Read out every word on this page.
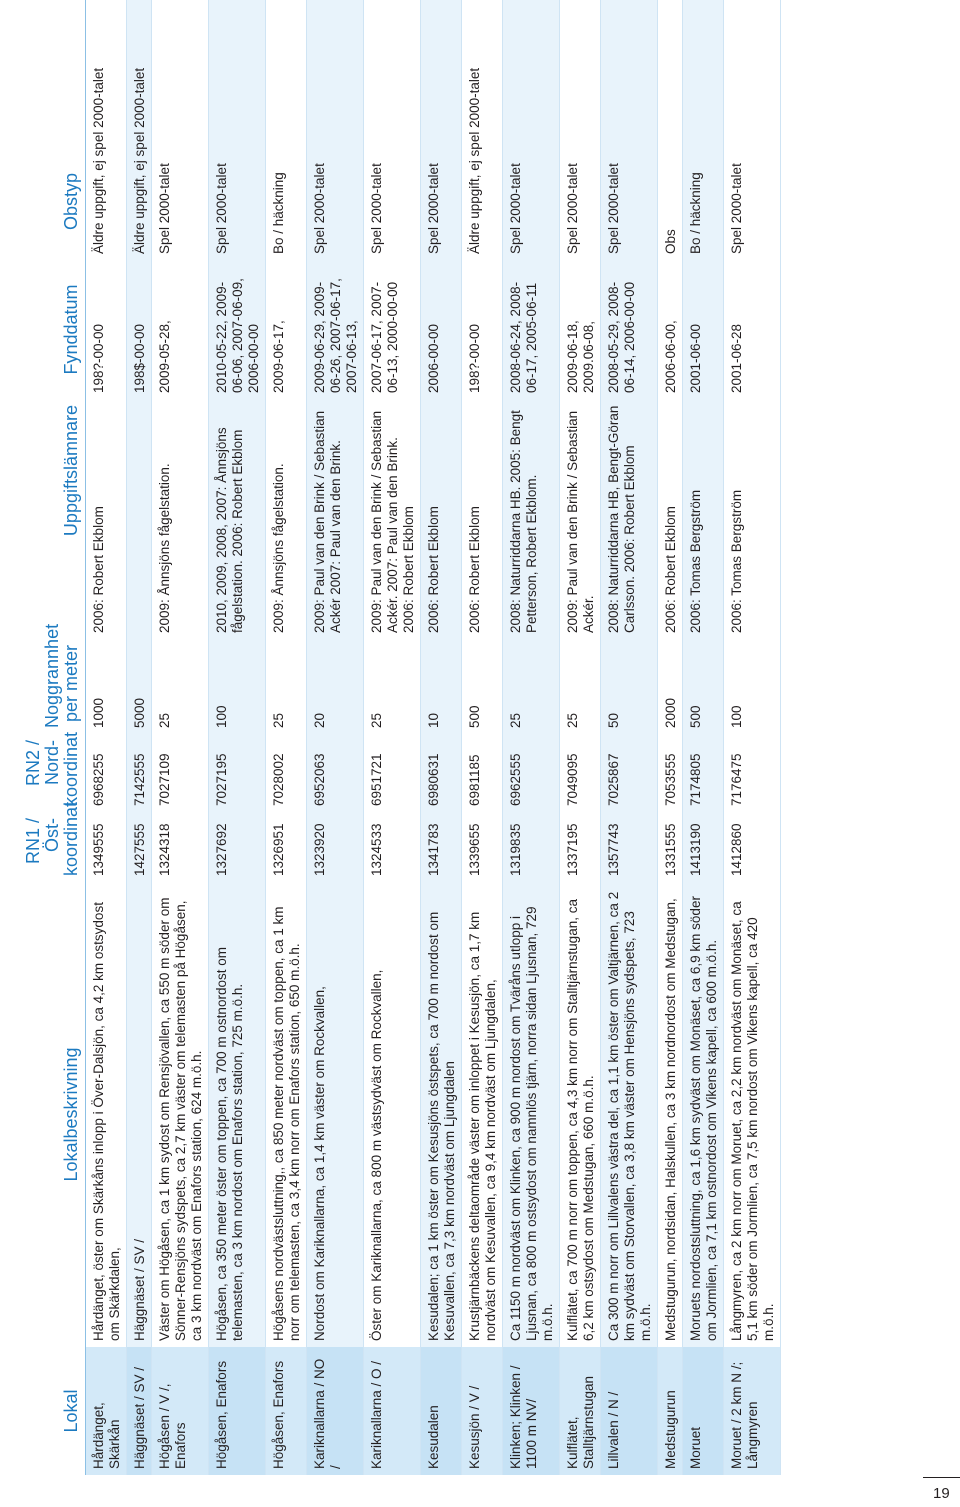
Lokal	Lokalbeskrivning	RN1 / Öst-koordinat	RN2 / Nord-koordinat	Noggrannhet per meter	Uppgiftslämnare	Fynddatum	Obstyp
Hårdänget, Skärkån	Hårdänget, öster om Skärkåns inlopp i Över-Dalsjön, ca 4,2 km ostsydost om Skärkdalen,	1349555	6968255	1000	2006: Robert Ekblom	198?-00-00	Äldre uppgift, ej spel 2000-talet
Häggnäset / SV /	Häggnäset / SV /	1427555	7142555	5000		198$-00-00	Äldre uppgift, ej spel 2000-talet
Högåsen / V /, Enafors	Väster om Högåsen, ca 1 km sydost om Rensjövallen, ca 550 m söder om Sönner-Rensjöns sydspets, ca 2,7 km väster om telemasten på Högåsen, ca 3 km nordväst om Enafors station, 624 m.ö.h.	1324318	7027109	25	2009: Ånnsjöns fågelstation.	2009-05-28,	Spel 2000-talet
Högåsen, Enafors	Högåsen, ca 350 meter öster om toppen, ca 700 m ostnordost om telemasten, ca 3 km nordost om Enafors station, 725 m.ö.h.	1327692	7027195	100	2010, 2009, 2008, 2007: Ånnsjöns fågelstation. 2006: Robert Ekblom	2010-05-22, 2009-06-06, 2007-06-09, 2006-00-00	Spel 2000-talet
Högåsen, Enafors	Högåsens nordvästsluttning,, ca 850 meter nordväst om toppen, ca 1 km norr om telemasten, ca 3,4 km norr om Enafors station, 650 m.ö.h.	1326951	7028002	25	2009: Ånnsjöns fågelstation.	2009-06-17,	Bo / häckning
Kariknallarna / NO /	Nordost om Kariknallarna, ca 1,4 km väster om Rockvallen,	1323920	6952063	20	2009: Paul van den Brink / Sebastian Ackér 2007: Paul van den Brink.	2009-06-29, 2009-06-26, 2007-06-17, 2007-06-13,	Spel 2000-talet
Kariknallarna / O /	Öster om Kariknallarna, ca 800 m västsydväst om Rockvallen,	1324533	6951721	25	2009: Paul van den Brink / Sebastian Ackér. 2007: Paul van den Brink. 2006: Robert Ekblom	2007-06-17, 2007-06-13, 2000-00-00	Spel 2000-talet
Kesudalen	Kesudalen; ca 1 km öster om Kesusjöns östspets, ca 700 m nordost om Kesuvallen, ca 7,3 km nordväst om Ljungdalen	1341783	6980631	10	2006: Robert Ekblom	2006-00-00	Spel 2000-talet
Kesusjön / V /	Krustjärnbäckens deltaområde väster om inloppet i Kesusjön, ca 1,7 km nordväst om Kesuvallen, ca 9,4 km nordväst om Ljungdalen,	1339655	6981185	500	2006: Robert Ekblom	198?-00-00	Äldre uppgift, ej spel 2000-talet
Klinken; Klinken / 1100 m NV/	Ca 1150 m nordväst om Klinken, ca 900 m nordost om Tväråns utlopp i Ljusnan, ca 800 m ostsydost om namnlös tjärn, norra sidan Ljusnan, 729 m.ö.h.	1319835	6962555	25	2008: Naturriddarna HB. 2005: Bengt Petterson, Robert Ekblom.	2008-06-24, 2008-06-17, 2005-06-11	Spel 2000-talet
Kulflätet, Stalltjärnstugan	Kulflätet, ca 700 m norr om toppen, ca 4,3 km norr om Stalltjärnstugan, ca 6,2 km ostsydost om Medstugan, 660 m.ö.h.	1337195	7049095	25	2009: Paul van den Brink / Sebastian Ackér.	2009-06-18, 2009.06-08,	Spel 2000-talet
Lillvalen / N /	Ca 300 m norr om Lillvalens västra del, ca 1,1 km öster om Valtjärnen, ca 2 km sydväst om Storvallen, ca 3,8 km väster om Hensjöns sydspets, 723 m.ö.h.	1357743	7025867	50	2008: Naturriddarna HB, Bengt-Göran Carlsson. 2006: Robert Ekblom	2008-05-29, 2008-06-14, 2006-00-00	Spel 2000-talet
Medstugurun	Medstugurun, nordsidan, Halskullen, ca 3 km nordnordost om Medstugan,	1331555	7053555	2000	2006: Robert Ekblom	2006-06-00,	Obs
Moruet	Moruets nordostsluttning, ca 1,6 km sydväst om Monäset, ca 6,9 km söder om Jormlien, ca 7,1 km ostnordost om Vikens kapell, ca 600 m.ö.h.	1413190	7174805	500	2006: Tomas Bergström	2001-06-00	Bo / häckning
Moruet / 2 km N /; Långmyren	Långmyren, ca 2 km norr om Moruet, ca 2,2 km nordväst om Monäset, ca 5,1 km söder om Jormlien, ca 7,5 km nordost om Vikens kapell, ca 420 m.ö.h.	1412860	7176475	100	2006: Tomas Bergström	2001-06-28	Spel 2000-talet
19
